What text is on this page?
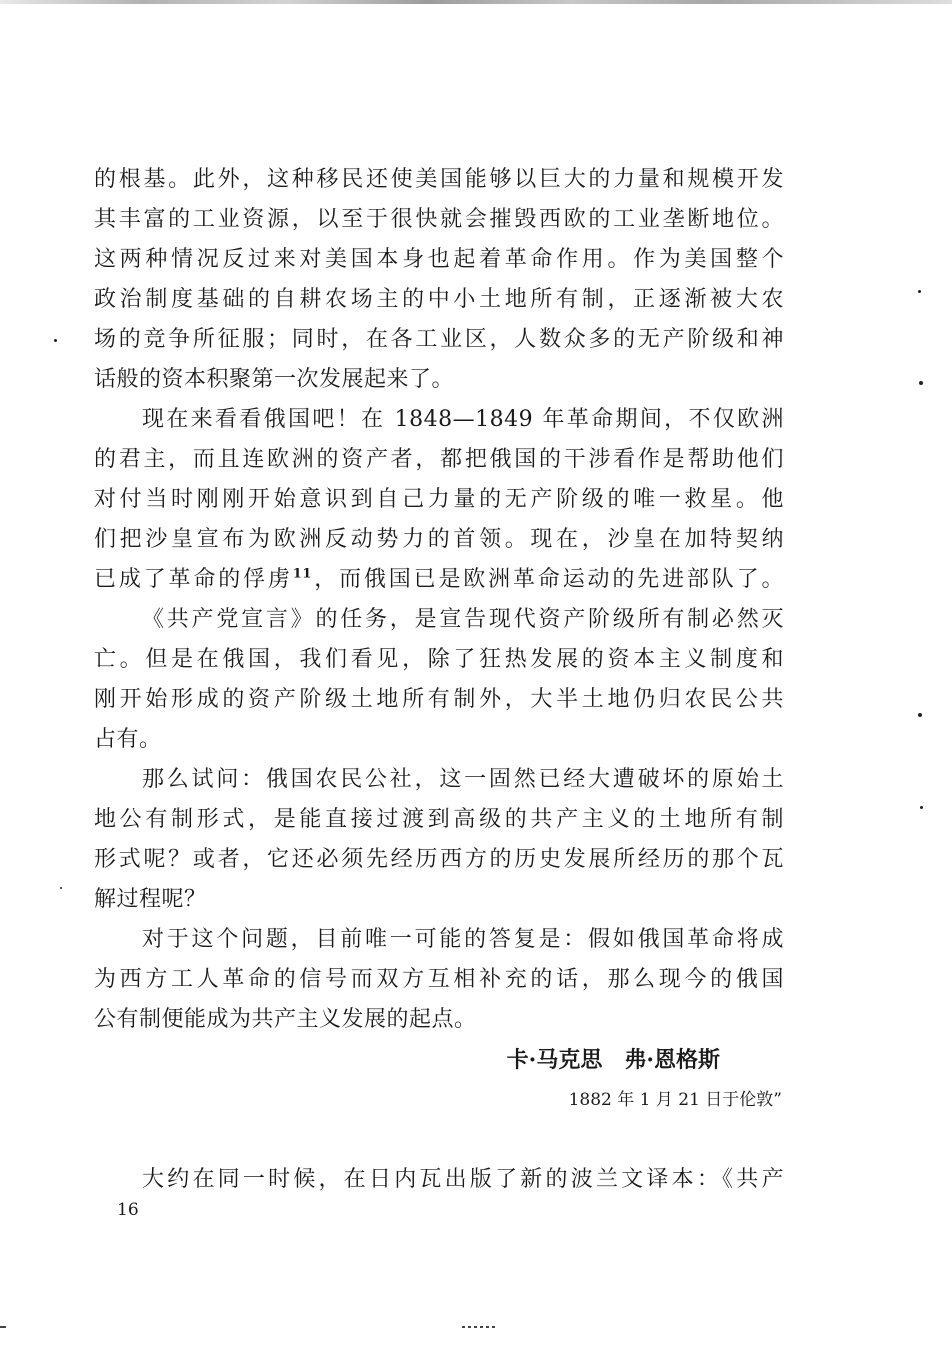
的根基。此外，这种移民还使美国能够以巨大的力量和规模开发

其丰富的工业资源，以至于很快就会摧毁西欧的工业垄断地位。

这两种情况反过来对美国本身也起着革命作用。作为美国整个

政治制度基础的自耕农场主的中小土地所有制，正逐渐被大农

场的竞争所征服；同时，在各工业区，人数众多的无产阶级和神

话般的资本积聚第一次发展起来了。

现在来看看俄国吧！在 1848—1849 年革命期间，不仅欧洲

的君主，而且连欧洲的资产者，都把俄国的干涉看作是帮助他们

对付当时刚刚开始意识到自己力量的无产阶级的唯一救星。他

们把沙皇宣布为欧洲反动势力的首领。现在，沙皇在加特契纳

已成了革命的俘虏$^{11}$，而俄国已是欧洲革命运动的先进部队了。

《共产党宣言》的任务，是宣告现代资产阶级所有制必然灭

亡。但是在俄国，我们看见，除了狂热发展的资本主义制度和

刚开始形成的资产阶级土地所有制外，大半土地仍归农民公共

占有。

那么试问：俄国农民公社，这一固然已经大遭破坏的原始土

地公有制形式，是能直接过渡到高级的共产主义的土地所有制

形式呢？或者，它还必须先经历西方的历史发展所经历的那个瓦

解过程呢？

对于这个问题，目前唯一可能的答复是：假如俄国革命将成

为西方工人革命的信号而双方互相补充的话，那么现今的俄国

公有制便能成为共产主义发展的起点。

卡·马克思　弗·恩格斯

1882 年 1 月 21 日于伦敦”

大约在同一时候，在日内瓦出版了新的波兰文译本：《共产

16
